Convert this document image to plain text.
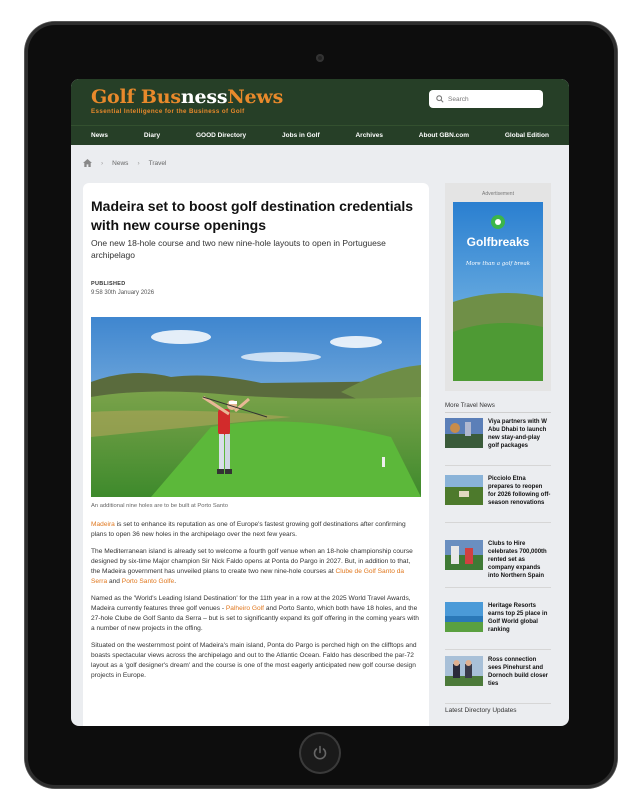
Golf BusnessNews
Essential Intelligence for the Business of Golf
Search
News	Diary	GOOD Directory	Jobs in Golf	Archives	About GBN.com	Global Edition
› News › Travel
Madeira set to boost golf destination credentials with new course openings
One new 18-hole course and two new nine-hole layouts to open in Portuguese archipelago
PUBLISHED
9:58 30th January 2026
An additional nine holes are to be built at Porto Santo

Madeira is set to enhance its reputation as one of Europe's fastest growing golf destinations after confirming plans to open 36 new holes in the archipelago over the next few years.

The Mediterranean island is already set to welcome a fourth golf venue when an 18-hole championship course designed by six-time Major champion Sir Nick Faldo opens at Ponta do Pargo in 2027. But, in addition to that, the Madeira government has unveiled plans to create two new nine-hole courses at Clube de Golf Santo da Serra and Porto Santo Golfe.

Named as the 'World's Leading Island Destination' for the 11th year in a row at the 2025 World Travel Awards, Madeira currently features three golf venues - Palheiro Golf and Porto Santo, which both have 18 holes, and the 27-hole Clube de Golf Santo da Serra – but is set to significantly expand its golf offering in the coming years with a number of new projects in the offing.

Situated on the westernmost point of Madeira's main island, Ponta do Pargo is perched high on the clifftops and boasts spectacular views across the archipelago and out to the Atlantic Ocean. Faldo has described the par-72 layout as a 'golf designer's dream' and the course is one of the most eagerly anticipated new golf course design projects in Europe.

Advertisement
Golfbreaks
More than a golf break
More Travel News
Viya partners with W Abu Dhabi to launch new stay-and-play golf packages
Picciolo Etna prepares to reopen for 2026 following off-season renovations
Clubs to Hire celebrates 700,000th rented set as company expands into Northern Spain
Heritage Resorts earns top 25 place in Golf World global ranking
Ross connection sees Pinehurst and Dornoch build closer ties
Latest Directory Updates
